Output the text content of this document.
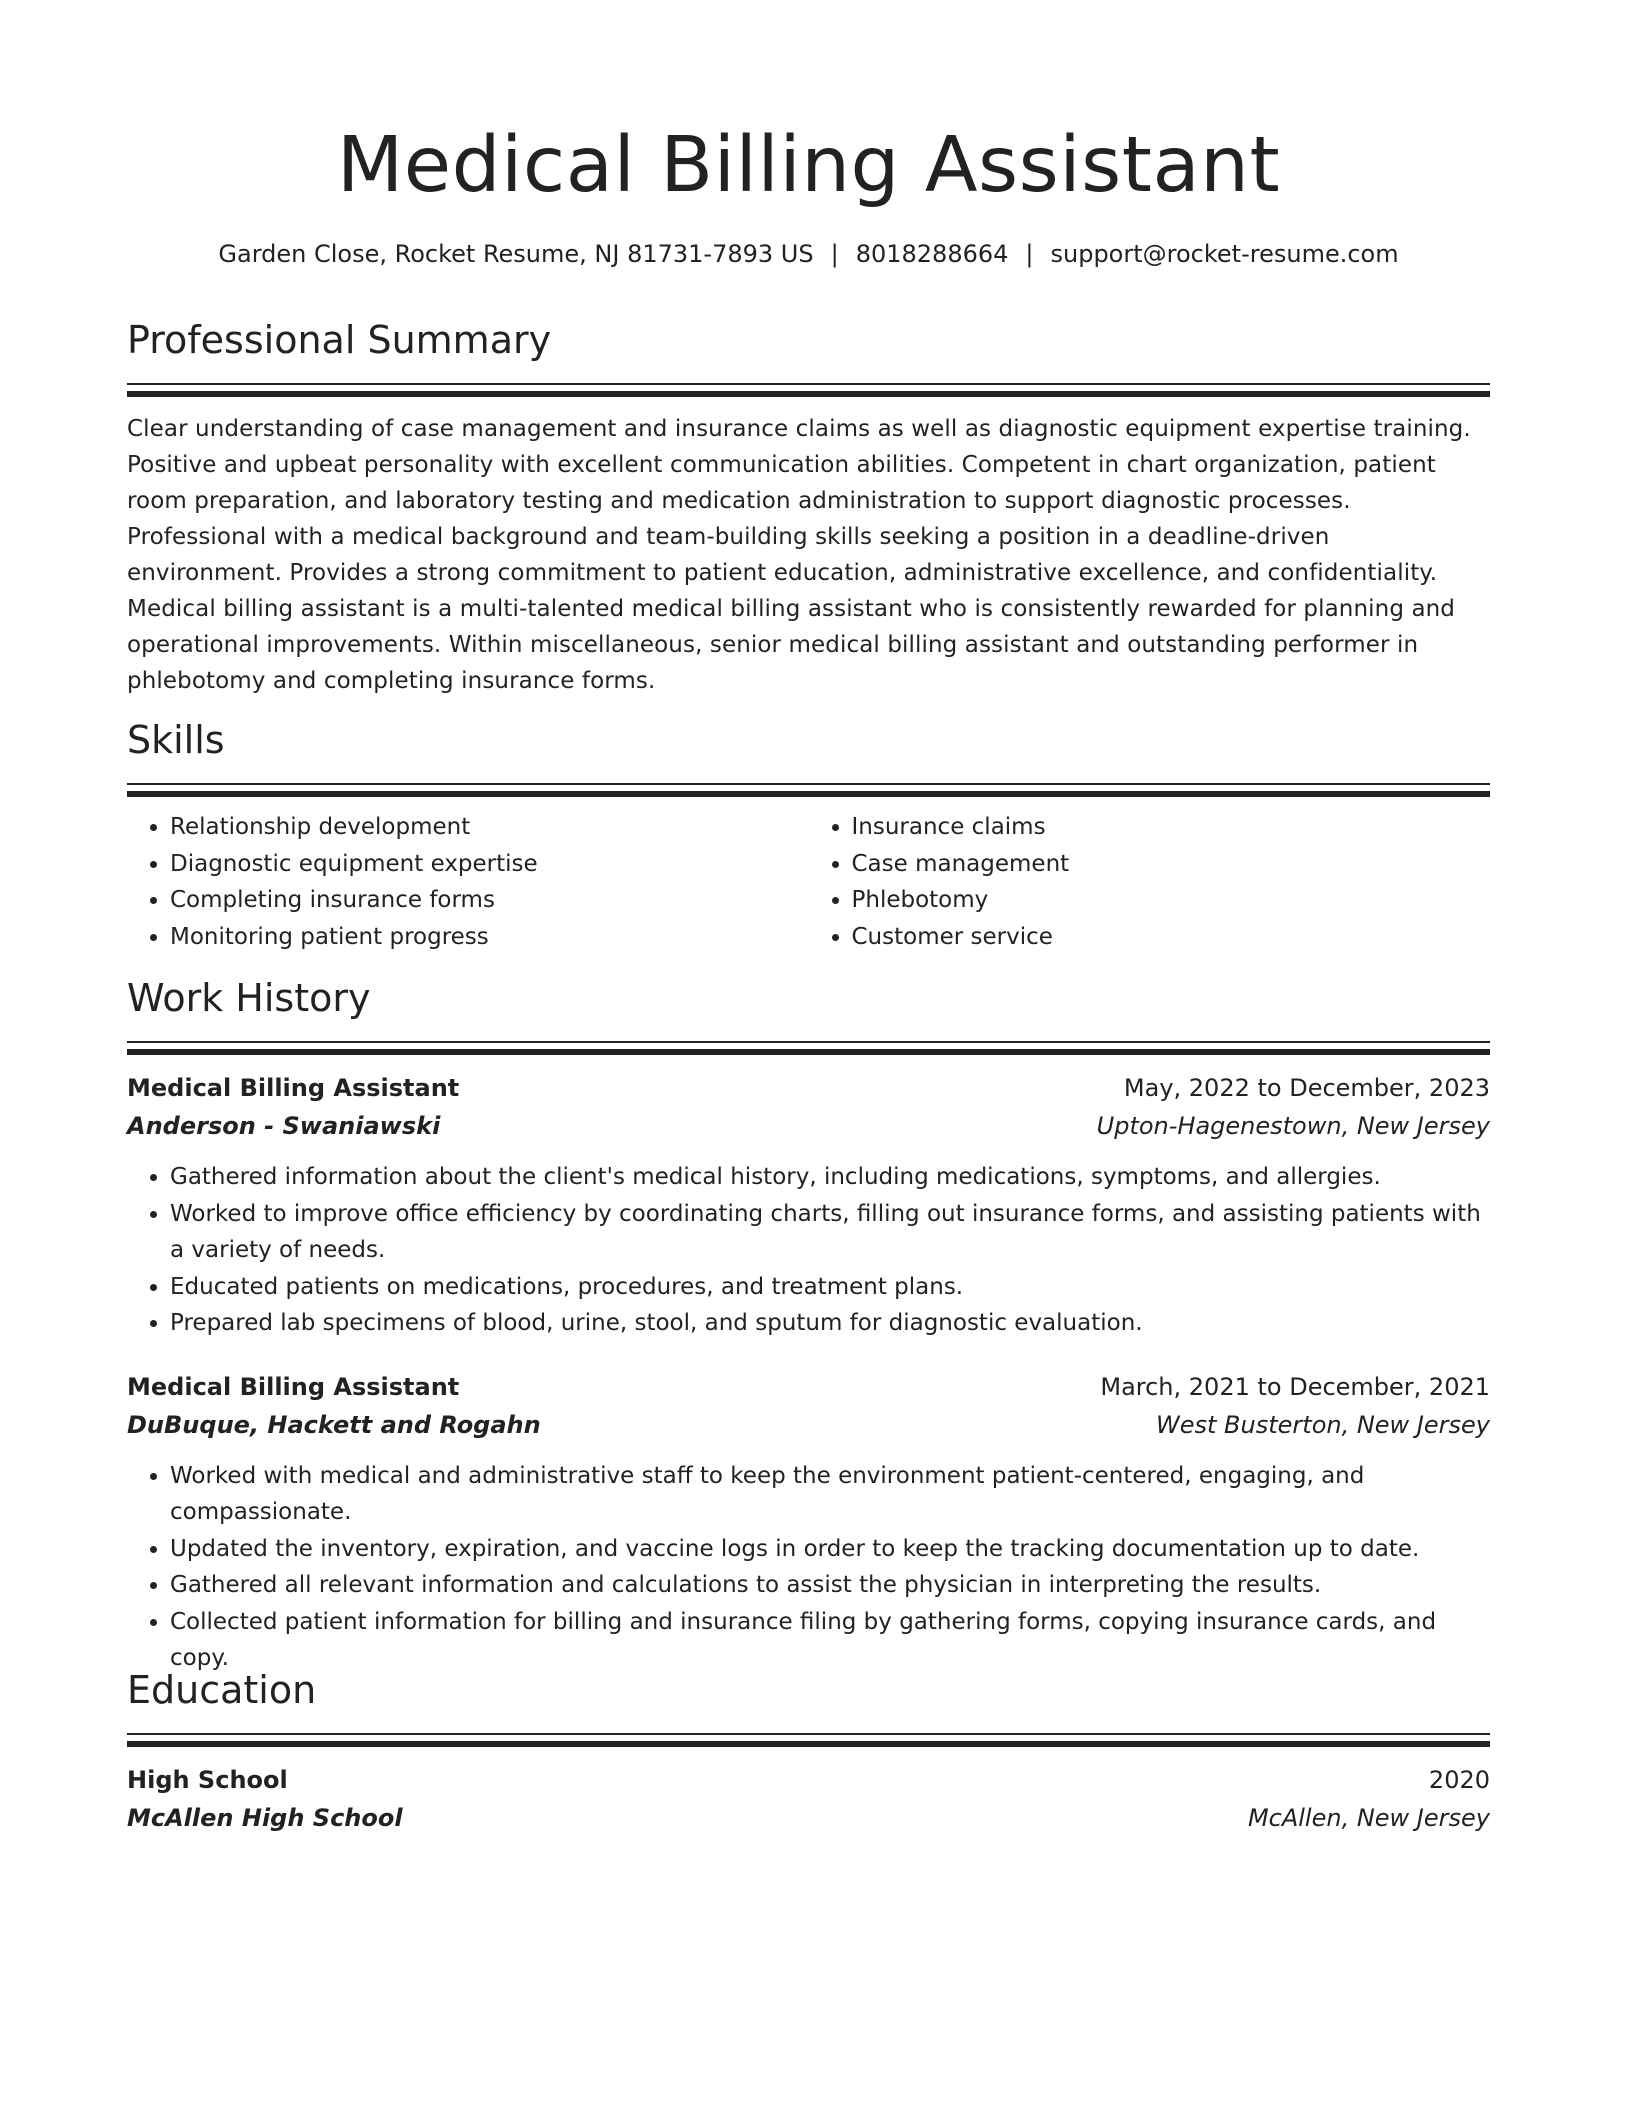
Medical Billing Assistant
Garden Close, Rocket Resume, NJ 81731-7893 US | 8018288664 | support@rocket-resume.com
Professional Summary

Clear understanding of case management and insurance claims as well as diagnostic equipment expertise training. Positive and upbeat personality with excellent communication abilities. Competent in chart organization, patient room preparation, and laboratory testing and medication administration to support diagnostic processes. Professional with a medical background and team-building skills seeking a position in a deadline-driven environment. Provides a strong commitment to patient education, administrative excellence, and confidentiality. Medical billing assistant is a multi-talented medical billing assistant who is consistently rewarded for planning and operational improvements. Within miscellaneous, senior medical billing assistant and outstanding performer in phlebotomy and completing insurance forms.

Skills
• Relationship development
• Diagnostic equipment expertise
• Completing insurance forms
• Monitoring patient progress
• Insurance claims
• Case management
• Phlebotomy
• Customer service
Work History
Medical Billing Assistant	May, 2022 to December, 2023
Anderson - Swaniawski	Upton-Hagenestown, New Jersey
• Gathered information about the client's medical history, including medications, symptoms, and allergies.
• Worked to improve office efficiency by coordinating charts, filling out insurance forms, and assisting patients with a variety of needs.
• Educated patients on medications, procedures, and treatment plans.
• Prepared lab specimens of blood, urine, stool, and sputum for diagnostic evaluation.
Medical Billing Assistant	March, 2021 to December, 2021
DuBuque, Hackett and Rogahn	West Busterton, New Jersey
• Worked with medical and administrative staff to keep the environment patient-centered, engaging, and compassionate.
• Updated the inventory, expiration, and vaccine logs in order to keep the tracking documentation up to date.
• Gathered all relevant information and calculations to assist the physician in interpreting the results.
• Collected patient information for billing and insurance filing by gathering forms, copying insurance cards, and copy.
Education
High School	2020
McAllen High School	McAllen, New Jersey
